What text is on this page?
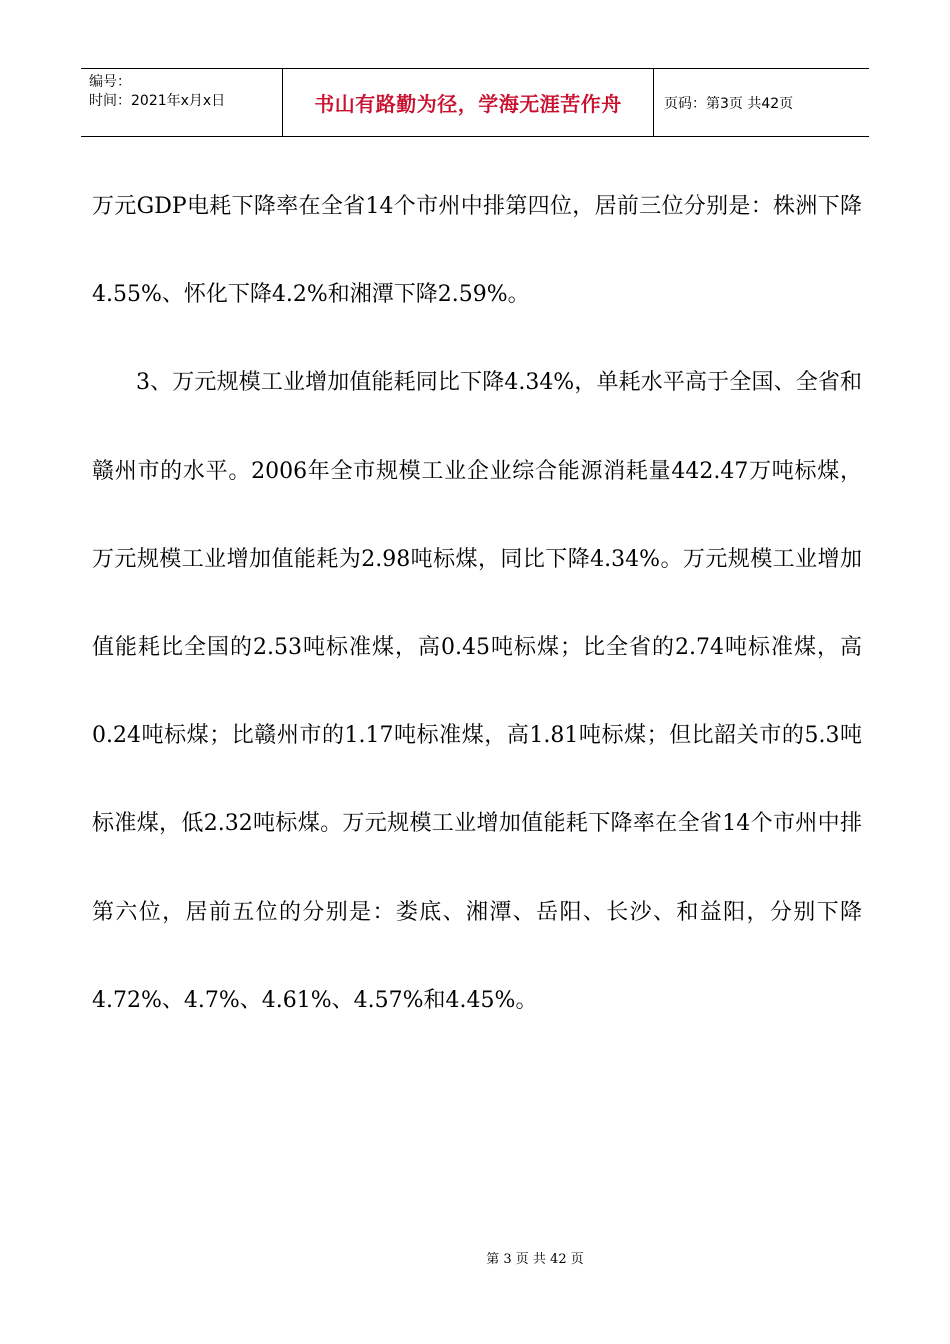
编号：
时间：2021年x月x日	书山有路勤为径，学海无涯苦作舟	页码：第3页 共42页

万元GDP电耗下降率在全省14个市州中排第四位，居前三位分别是：株洲下降4.55%、怀化下降4.2%和湘潭下降2.59%。

3、万元规模工业增加值能耗同比下降4.34%，单耗水平高于全国、全省和赣州市的水平。2006年全市规模工业企业综合能源消耗量442.47万吨标煤，万元规模工业增加值能耗为2.98吨标煤，同比下降4.34%。万元规模工业增加值能耗比全国的2.53吨标准煤，高0.45吨标煤；比全省的2.74吨标准煤，高0.24吨标煤；比赣州市的1.17吨标准煤，高1.81吨标煤；但比韶关市的5.3吨标准煤，低2.32吨标煤。万元规模工业增加值能耗下降率在全省14个市州中排第六位，居前五位的分别是：娄底、湘潭、岳阳、长沙、和益阳，分别下降4.72%、4.7%、4.61%、4.57%和4.45%。

第 3 页 共 42 页
